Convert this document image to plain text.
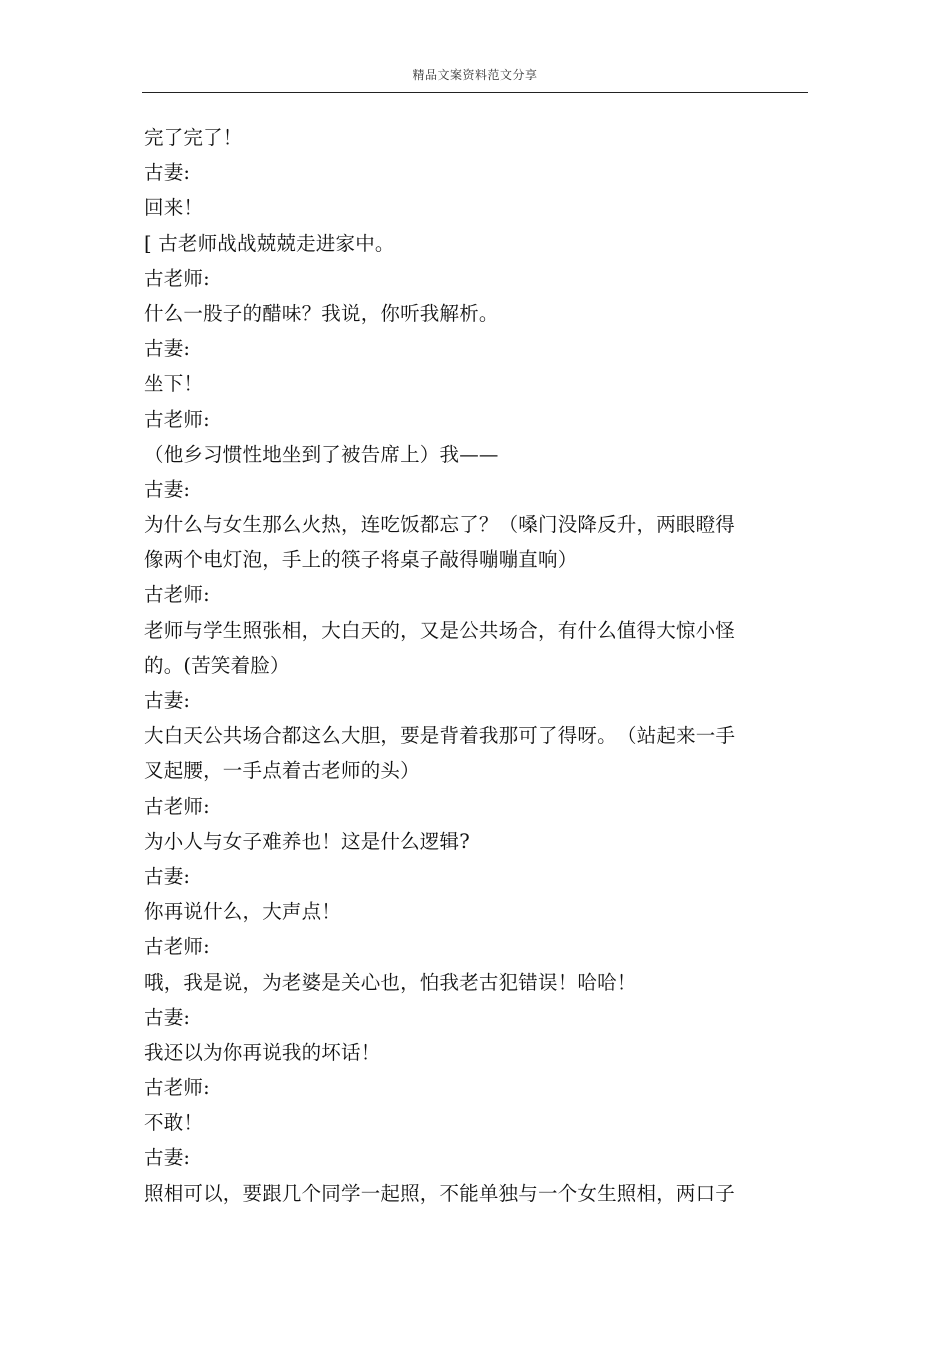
精品文案资料范文分享
完了完了！
古妻:
回来！
[ 古老师战战兢兢走进家中。
古老师:
什么一股子的醋味？我说，你听我解析。
古妻:
坐下！
古老师:
（他乡习惯性地坐到了被告席上）我——
古妻:
为什么与女生那么火热，连吃饭都忘了？（嗓门没降反升，两眼瞪得
像两个电灯泡，手上的筷子将桌子敲得嘣嘣直响）
古老师:
老师与学生照张相，大白天的，又是公共场合，有什么值得大惊小怪
的。(苦笑着脸）
古妻:
大白天公共场合都这么大胆，要是背着我那可了得呀。　（站起来一手
叉起腰，一手点着古老师的头）
古老师:
为小人与女子难养也！这是什么逻辑?
古妻:
你再说什么，大声点！
古老师:
哦，我是说，为老婆是关心也，怕我老古犯错误！哈哈！
古妻:
我还以为你再说我的坏话！
古老师:
不敢！
古妻:
照相可以，要跟几个同学一起照，不能单独与一个女生照相，两口子
